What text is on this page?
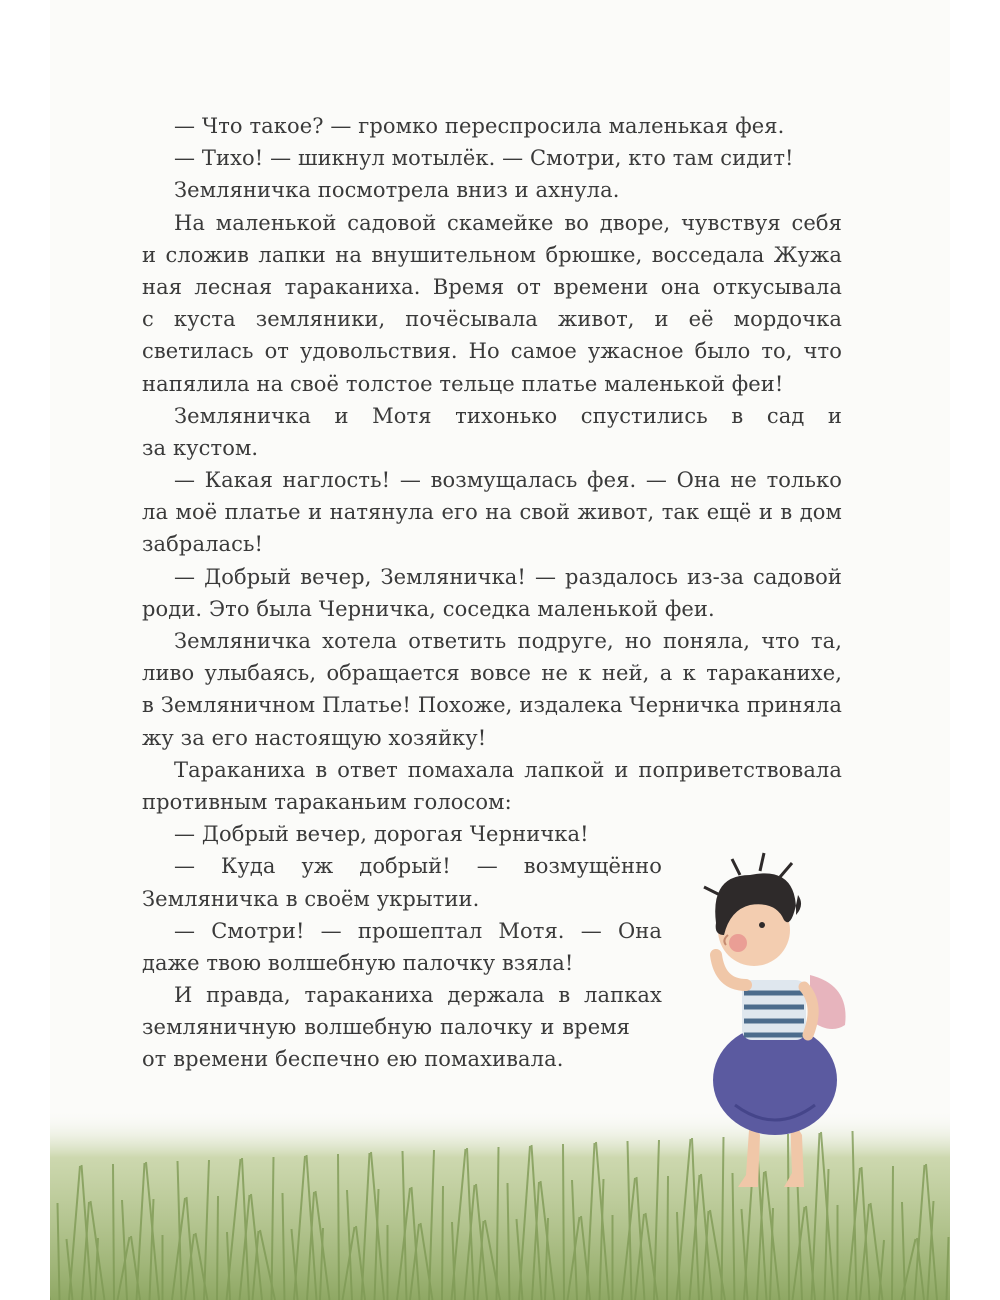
— Что такое? — громко переспросила маленькая фея.
— Тихо! — шикнул мотылёк. — Смотри, кто там сидит!
Земляничка посмотрела вниз и ахнула.
На маленькой садовой скамейке во дворе, чувствуя себя
и сложив лапки на внушительном брюшке, восседала Жужа
ная лесная тараканиха. Время от времени она откусывала
с куста земляники, почёсывала живот, и её мордочка
светилась от удовольствия. Но самое ужасное было то, что
напялила на своё толстое тельце платье маленькой феи!
Земляничка и Мотя тихонько спустились в сад и
за кустом.
— Какая наглость! — возмущалась фея. — Она не только
ла моё платье и натянула его на свой живот, так ещё и в дом
забралась!
— Добрый вечер, Земляничка! — раздалось из-за садовой
роди. Это была Черничка, соседка маленькой феи.
Земляничка хотела ответить подруге, но поняла, что та,
ливо улыбаясь, обращается вовсе не к ней, а к тараканихе,
в Земляничном Платье! Похоже, издалека Черничка приняла
жу за его настоящую хозяйку!
Тараканиха в ответ помахала лапкой и поприветствовала
противным тараканьим голосом:
— Добрый вечер, дорогая Черничка!
— Куда уж добрый! — возмущённо
Земляничка в своём укрытии.
— Смотри! — прошептал Мотя. — Она
даже твою волшебную палочку взяла!
И правда, тараканиха держала в лапках
земляничную волшебную палочку и время
от времени беспечно ею помахивала.
